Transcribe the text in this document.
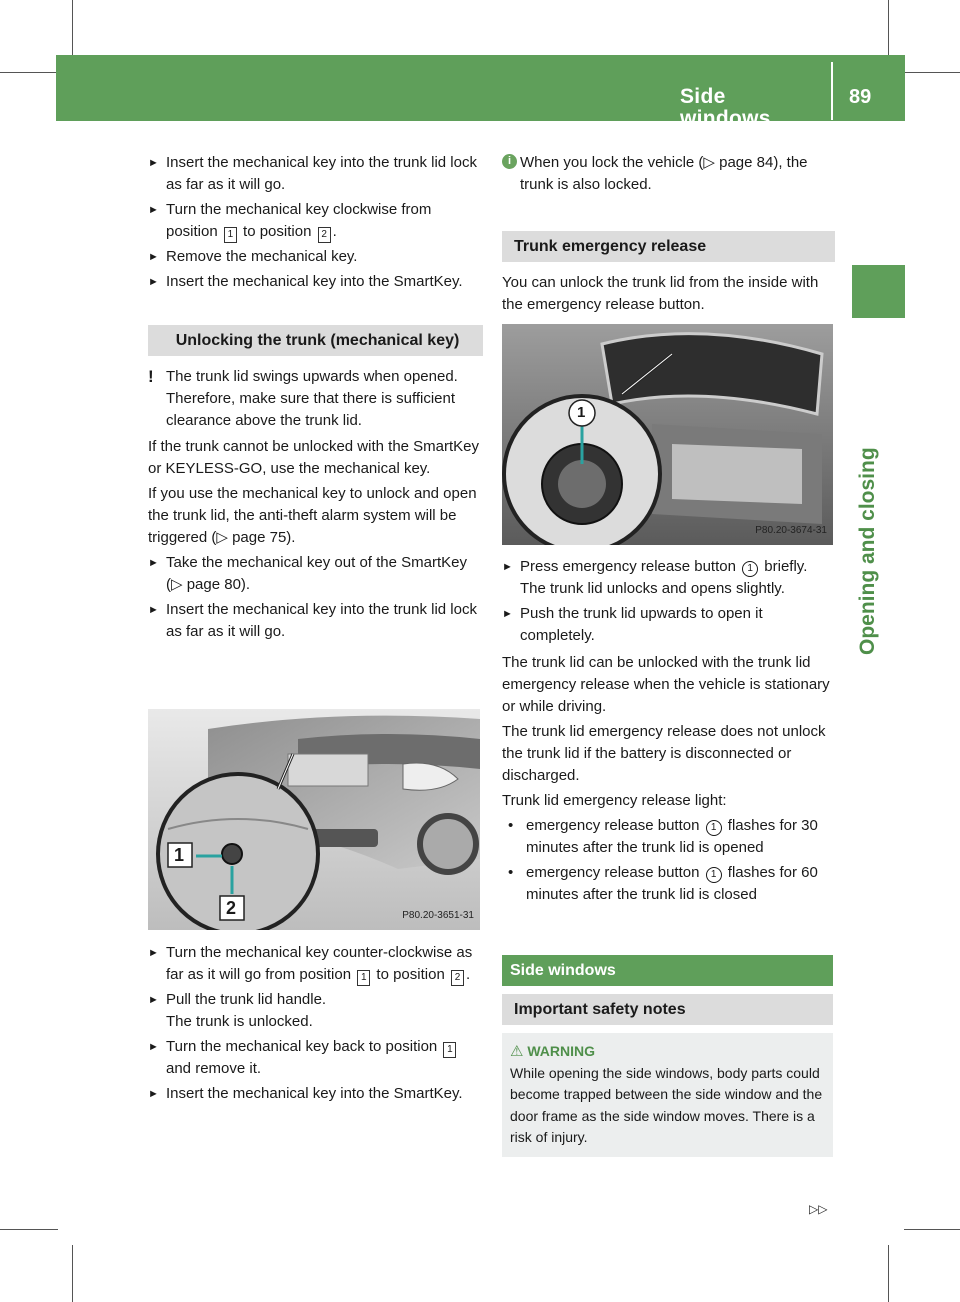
Side windows
89
Opening and closing
► Insert the mechanical key into the trunk lid lock as far as it will go.
► Turn the mechanical key clockwise from position 1 to position 2 .
► Remove the mechanical key.
► Insert the mechanical key into the SmartKey.
Unlocking the trunk (mechanical key)
! The trunk lid swings upwards when opened. Therefore, make sure that there is sufficient clearance above the trunk lid.

If the trunk cannot be unlocked with the SmartKey or KEYLESS-GO, use the mechanical key.

If you use the mechanical key to unlock and open the trunk lid, the anti-theft alarm system will be triggered (▷ page 75).

► Take the mechanical key out of the SmartKey (▷ page 80).
► Insert the mechanical key into the trunk lid lock as far as it will go.
1
2	P80.20-3651-31
► Turn the mechanical key counter-clockwise as far as it will go from position 1 to position 2 .
► Pull the trunk lid handle.
The trunk is unlocked.
► Turn the mechanical key back to position 1 and remove it.
► Insert the mechanical key into the SmartKey.
i When you lock the vehicle (▷ page 84), the trunk is also locked.
Trunk emergency release

You can unlock the trunk lid from the inside with the emergency release button.

1
P80.20-3674-31
► Press emergency release button 1 briefly.
The trunk lid unlocks and opens slightly.
► Push the trunk lid upwards to open it completely.

The trunk lid can be unlocked with the trunk lid emergency release when the vehicle is stationary or while driving.

The trunk lid emergency release does not unlock the trunk lid if the battery is disconnected or discharged.

Trunk lid emergency release light:

• emergency release button 1 flashes for 30 minutes after the trunk lid is opened
• emergency release button 1 flashes for 60 minutes after the trunk lid is closed
Side windows
Important safety notes
⚠ WARNING
While opening the side windows, body parts could become trapped between the side window and the door frame as the side window moves. There is a risk of injury.
▷▷
